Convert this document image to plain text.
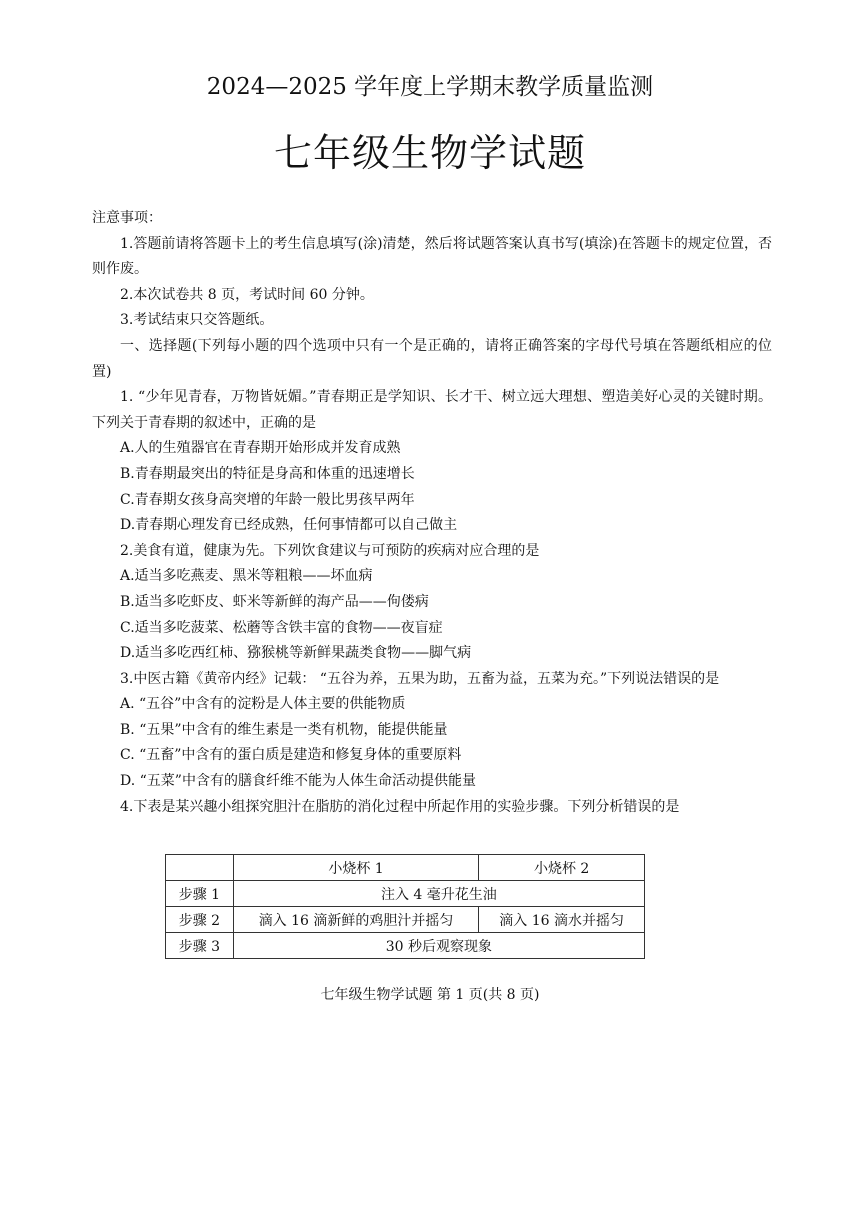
2024—2025 学年度上学期末教学质量监测
七年级生物学试题

注意事项：

1.答题前请将答题卡上的考生信息填写(涂)清楚，然后将试题答案认真书写(填涂)在答题卡的规定位置，否则作废。

2.本次试卷共 8 页，考试时间 60 分钟。

3.考试结束只交答题纸。

一、选择题(下列每小题的四个选项中只有一个是正确的，请将正确答案的字母代号填在答题纸相应的位置)

1. “少年见青春，万物皆妩媚。”青春期正是学知识、长才干、树立远大理想、塑造美好心灵的关键时期。下列关于青春期的叙述中，正确的是

A.人的生殖器官在青春期开始形成并发育成熟

B.青春期最突出的特征是身高和体重的迅速增长

C.青春期女孩身高突增的年龄一般比男孩早两年

D.青春期心理发育已经成熟，任何事情都可以自己做主

2.美食有道，健康为先。下列饮食建议与可预防的疾病对应合理的是

A.适当多吃燕麦、黑米等粗粮——坏血病

B.适当多吃虾皮、虾米等新鲜的海产品——佝偻病

C.适当多吃菠菜、松蘑等含铁丰富的食物——夜盲症

D.适当多吃西红柿、猕猴桃等新鲜果蔬类食物——脚气病

3.中医古籍《黄帝内经》记载： “五谷为养，五果为助，五畜为益，五菜为充。”下列说法错误的是

A. “五谷”中含有的淀粉是人体主要的供能物质

B. “五果”中含有的维生素是一类有机物，能提供能量

C. “五畜”中含有的蛋白质是建造和修复身体的重要原料

D. “五菜”中含有的膳食纤维不能为人体生命活动提供能量

4.下表是某兴趣小组探究胆汁在脂肪的消化过程中所起作用的实验步骤。下列分析错误的是

	小烧杯 1	小烧杯 2
步骤 1	注入 4 毫升花生油	
步骤 2	滴入 16 滴新鲜的鸡胆汁并摇匀	滴入 16 滴水并摇匀
步骤 3	30 秒后观察现象	
七年级生物学试题 第 1 页(共 8 页)
